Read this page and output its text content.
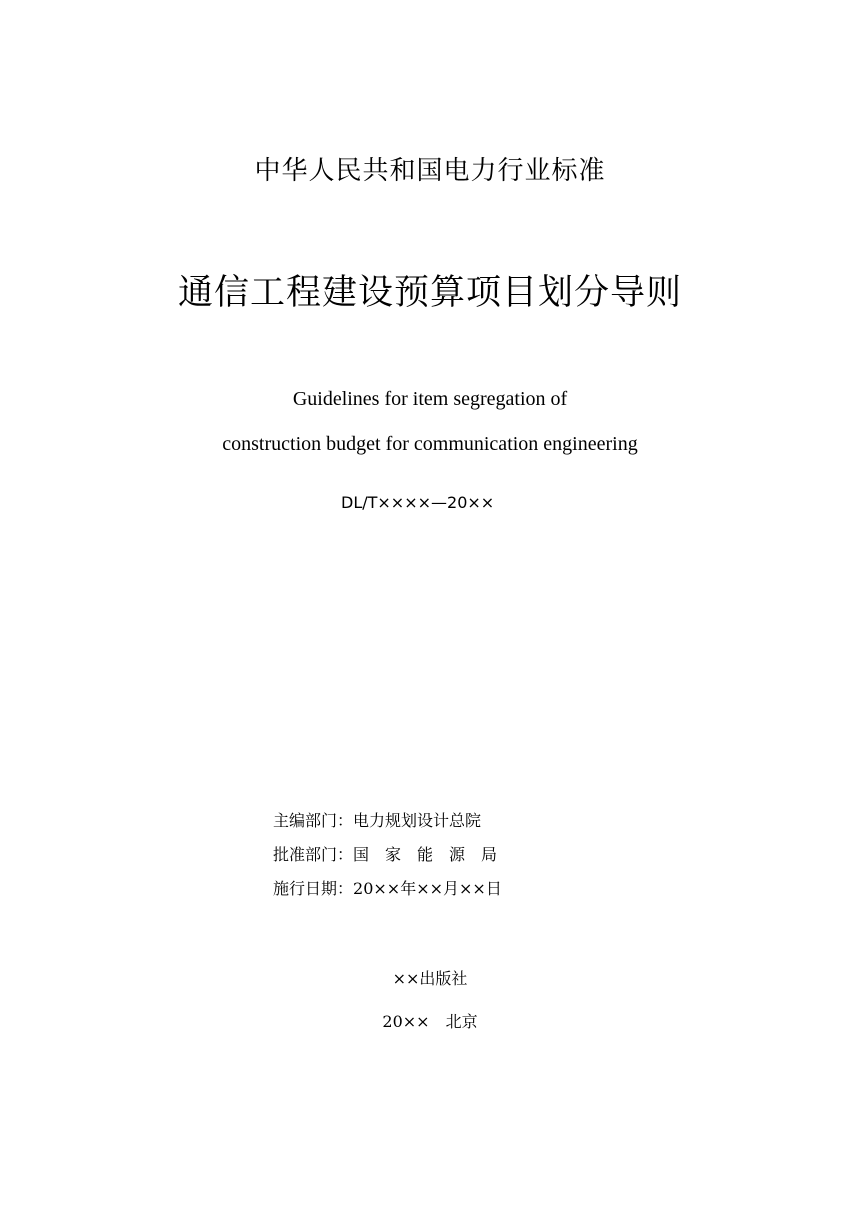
中华人民共和国电力行业标准
通信工程建设预算项目划分导则
Guidelines for item segregation of
construction budget for communication engineering
DL/T××××—20××
主编部门：电力规划设计总院
批准部门：国　家　能　源　局
施行日期：20××年××月××日
××出版社
20××　北京
